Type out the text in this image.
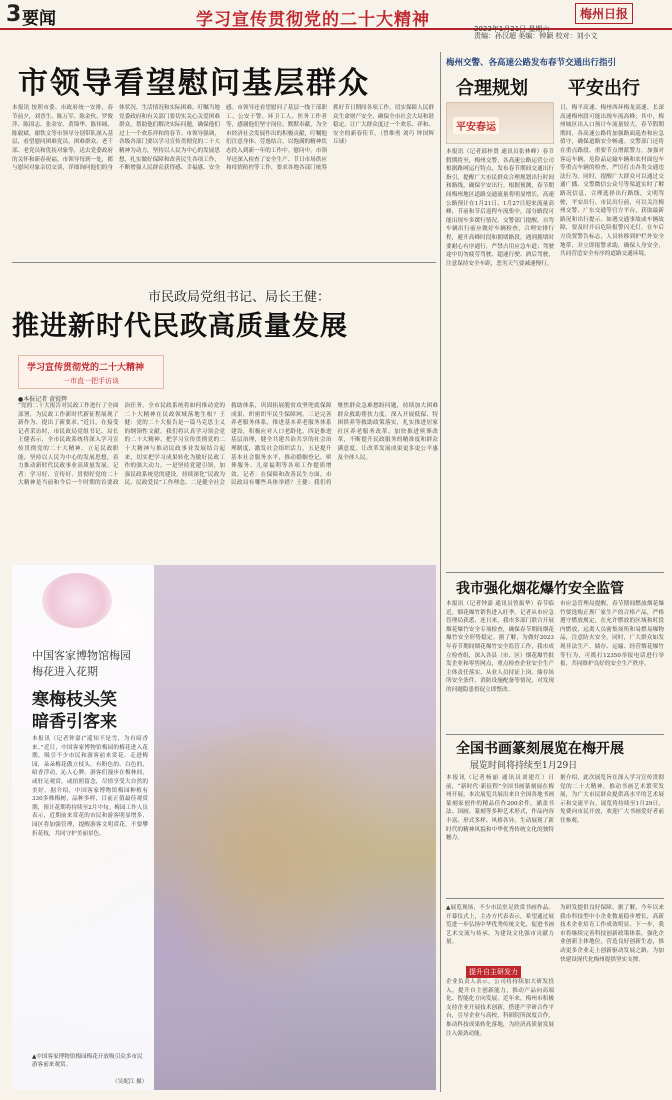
3 要闻	学习宣传贯彻党的二十大精神	梅州日报
2023年1月21日 星期六
责编：孙汉超 美编：钟颖 校对：刘小文
市领导看望慰问基层群众
本报讯 按照市委、市政府统一安排，春节前夕，刘晋生、陈万军、陈金伙、罗俊萍、陈国志、张金安、黄锦华、陈伟城、陈毅斌、谢铁文等市领导分别带队深入基层，看望慰问困难党员、困难群众、老干部、老党员和优抚对象等，送去党委政府的关怀和新春祝福。市领导每到一处，都与慰问对象亲切交谈，详细询问他们的身体状况、生活情况和实际困难，叮嘱当地党委政府和有关部门要切实关心关爱困难群众，帮助他们解决实际问题，确保他们过上一个欢乐祥和的春节。市领导强调，各级各部门要以学习宣传贯彻党的二十大精神为动力，坚持以人民为中心的发展思想，扎实做好保障和改善民生各项工作，不断增强人民群众获得感、幸福感、安全感。市领导还看望慰问了基层一线干部职工、公安干警、环卫工人、医务工作者等，感谢他们坚守岗位、默默奉献，为全市经济社会发展作出的积极贡献，叮嘱他们注意身体、劳逸结合，以饱满的精神状态投入到新一年的工作中。慰问中，市领导还深入检查了安全生产、节日市场供应和疫情防控等工作，要求各地各部门统筹抓好节日期间各项工作，切实保障人民群众生命财产安全，确保全市社会大局和谐稳定，让广大群众度过一个欢乐、祥和、安全的新春佳节。（曾维勇 刘巧 钟国辉 丘球）
梅州交警、各高速公路发布春节交通出行指引
合理规划 平安出行
平安春运
本报讯（记者邱梓贤 通讯员张林峰）春节假期将至，梅州交警、各高速公路运营公司根据路网运行特点，发布春节期间交通出行指引，提醒广大市民群众合理规划出行时间和路线，确保平安出行。根据预测，春节期间梅州地区道路交通流量将明显增长，高速公路预计在1月21日、1月27日迎来流量高峰，节前和节后返程车流集中，部分路段可能出现车多缓行情况。交警部门提醒，自驾车辆出行前应做好车辆检查，合理安排行程，避开高峰时段和拥堵路段，遇到拥堵时要耐心有序通行，严禁占用应急车道；驾驶途中切勿疲劳驾驶、超速行驶、酒后驾驶，注意保持安全车距，恶劣天气要减速慢行。
日，梅平高速、梅州西环梅龙高速、长深高速梅州段可能出现车流高峰；其中，梅州城区出入口预计车流量较大。春节假期期间，各高速公路将加强路面巡查和应急值守，确保道路安全畅通。交警部门还将在重点路段、重要节点增派警力，加强对客运车辆、危险品运输车辆和农村面包车等重点车辆的检查，严厉打击各类交通违法行为。同时，提醒广大群众可以通过交通广播、交警微信公众号等渠道实时了解路况信息，合理选择出行路线，文明驾驶，平安出行。市民出行前，可以关注梅州交警、广东交通等官方平台，获取最新路况和出行提示。如遇交通事故或车辆故障，要及时开启危险报警闪光灯，在车后方设置警告标志，人员转移到护栏外安全地带，并立即报警求助，确保人身安全，共同营造安全有序的道路交通环境。
市民政局党组书记、局长王健：
推进新时代民政高质量发展
学习宣传贯彻党的二十大精神
一市直一把手访谈
●本报记者 黄锐辉
“党的二十大报告对民政工作进行了全面部署，为民政工作新时代新征程展现了新作为、提出了新要求。”近日，在接受记者采访时，市民政局党组书记、局长王健表示，全市民政系统将深入学习宣传贯彻党的二十大精神，立足民政职能，坚持以人民为中心的发展思想，着力推动新时代民政事业高质量发展。记者：学习好、宣传好、贯彻好党的二十大精神是当前和今后一个时期的首要政治任务。全市民政系统将如何推动党的二十大精神在民政领域落地生根？王健：党的二十大报告是一篇马克思主义的纲领性文献。我们将认真学习领会党的二十大精神，把学习宣传贯彻党的二十大精神与推动民政事业发展结合起来，切实把学习成果转化为做好民政工作的强大动力。一是坚持党建引领，加强民政系统党的建设，持续深化“民政为民、民政爱民”工作理念。二是健全社会救助体系，巩固拓展脱贫攻坚兜底保障成果，织密织牢民生保障网。三是完善养老服务体系，推进基本养老服务体系建设，积极应对人口老龄化。四是推进基层治理，健全共建共治共享的社会治理制度，激发社会组织活力。五是提升基本社会服务水平，推动婚姻登记、殡葬服务、儿童福利等各项工作提质增效。记者：在保障和改善民生方面，市民政局有哪些具体举措？王健：我们将聚焦群众急难愁盼问题，持续加大困难群众救助帮扶力度，深入开展低保、特困供养等救助政策落实，扎实推进居家社区养老服务改革，加快推进殡葬改革，不断提升民政服务的精准度和群众满意度，让改革发展成果更多更公平惠及全体人民。
中国客家博物馆梅园
梅花进入花期
寒梅枝头笑
暗香引客来
本报讯（记者钟嘉)“遥知不是雪，为有暗香来。”近日，中国客家博物馆梅园的梅花进入花期，吸引不少市民和游客前来赏花。走进梅园，朵朵梅花傲立枝头，有粉色的、白色的，暗香浮动，沁人心脾。游客们漫步在梅林间，或驻足观赏，或拍照留念，尽情享受大自然的美好。据介绍，中国客家博物馆梅园种植有330多株梅树，品种多样，目前正值最佳观赏期，预计花期将持续至2月中旬。梅园工作人员表示，近期前来赏花的市民和游客明显增多，园区将加强管理，提醒游客文明赏花，不要攀折花枝，共同守护美丽景色。
▲中国客家博物馆梅园梅花开放吸引众多市民游客前来观赏。
（吴妮江 摄）
我市强化烟花爆竹安全监管
本报讯（记者钟嘉 通讯员曾振华）春节临近，烟花爆竹销售进入旺季。记者从市应急管理局获悉，连日来，我市多部门联合开展烟花爆竹安全专项检查，确保春节期间烟花爆竹安全形势稳定。据了解，为做好2023年春节期间烟花爆竹安全监管工作，我市成立检查组，深入各县（市、区）烟花爆竹批发企业和零售网点，重点检查企业安全生产主体责任落实、从业人员持证上岗、储存场所安全条件、消防设施配备等情况，对发现的问题隐患督促立即整改。
市应急管理局提醒，春节期间燃放烟花爆竹要选购正规厂家生产的合格产品，严格遵守燃放规定，在允许燃放的区域和时段内燃放，远离人员密集场所和易燃易爆物品，注意防火安全。同时，广大群众如发现非法生产、储存、运输、经营烟花爆竹等行为，可拨打12350举报电话进行举报，共同维护良好的安全生产秩序。
全国书画篆刻展览在梅开展
展览时间将持续至1月29日
本报讯（记者杨丽 通讯员刘建红）日前，“新时代·新征程”全国书画篆刻展在梅州开展。本次展览共展出来自全国各地书画篆刻家创作的精品佳作200余件，涵盖书法、国画、篆刻等多种艺术形式，作品内容丰富、形式多样、风格各异，生动展现了新时代的精神风貌和中华优秀传统文化的独特魅力。
据介绍，此次展览旨在深入学习宣传贯彻党的二十大精神，推动书画艺术繁荣发展，为广大市民群众提供高水平的艺术展示和交流平台。展览将持续至1月29日，免费向市民开放，欢迎广大书画爱好者前往参观。
▲展览现场，不少市民驻足欣赏书画作品。开幕仪式上，主办方代表表示，希望通过展览进一步弘扬中华优秀传统文化，促进书画艺术交流与传承，为建设文化强市贡献力量。
提升自主研发力
企业负责人表示，公司将持续加大研发投入，提升自主创新能力，推动产品向高端化、智能化方向发展。近年来，梅州市积极支持企业开展技术创新，搭建产学研合作平台，引导企业与高校、科研院所深度合作，推动科技成果转化落地，为经济高质量发展注入强劲动能。
为研发提供良好保障。据了解，今年以来我市科技型中小企业数量稳步增长，高新技术企业培育工作成效明显。下一步，我市将继续完善科技创新政策体系，强化企业创新主体地位，营造良好创新生态，推动更多企业走上创新驱动发展之路，为加快建设现代化梅州提供坚实支撑。
